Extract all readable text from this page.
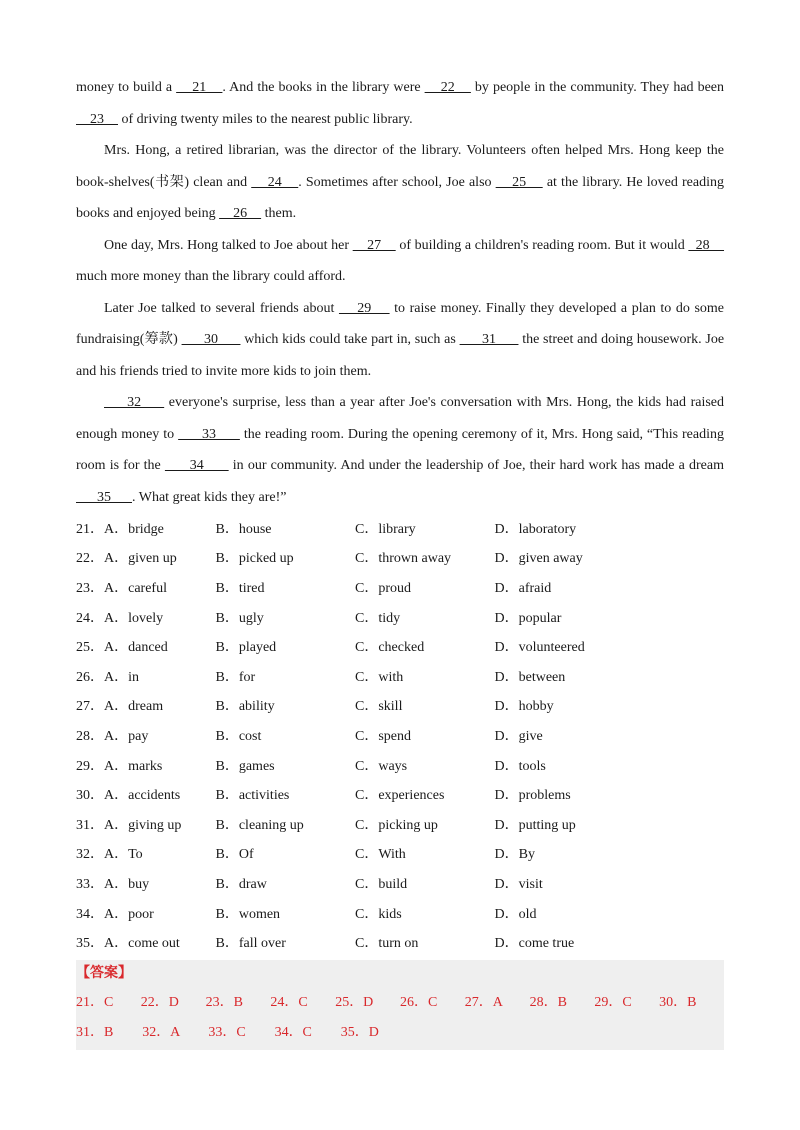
money to build a     21    . And the books in the library were     22     by people in the community. They had been     23     of driving twenty miles to the nearest public library.

Mrs. Hong, a retired librarian, was the director of the library. Volunteers often helped Mrs. Hong keep the book-shelves(书架) clean and     24    . Sometimes after school, Joe also     25     at the library. He loved reading books and enjoyed being     26     them.

One day, Mrs. Hong talked to Joe about her     27     of building a children's reading room. But it would   28     much more money than the library could afford.

Later Joe talked to several friends about     29     to raise money. Finally they developed a plan to do some fundraising(筹款)       30       which kids could take part in, such as       31       the street and doing housework. Joe and his friends tried to invite more kids to join them.

32      everyone's surprise, less than a year after Joe's conversation with Mrs. Hong, the kids had raised enough money to       33       the reading room. During the opening ceremony of it, Mrs. Hong said, “This reading room is for the       34       in our community. And under the leadership of Joe, their hard work has made a dream       35      . What great kids they are!”

21．A．bridge	B．house	C．library	D．laboratory
22．A．given up	B．picked up	C．thrown away	D．given away
23．A．careful	B．tired	C．proud	D．afraid
24．A．lovely	B．ugly	C．tidy	D．popular
25．A．danced	B．played	C．checked	D．volunteered
26．A．in	B．for	C．with	D．between
27．A．dream	B．ability	C．skill	D．hobby
28．A．pay	B．cost	C．spend	D．give
29．A．marks	B．games	C．ways	D．tools
30．A．accidents	B．activities	C．experiences	D．problems
31．A．giving up	B．cleaning up	C．picking up	D．putting up
32．A．To	B．Of	C．With	D．By
33．A．buy	B．draw	C．build	D．visit
34．A．poor	B．women	C．kids	D．old
35．A．come out	B．fall over	C．turn on	D．come true
【答案】
21．C	22．D	23．B	24．C	25．D	26．C	27．A	28．B	29．C	30．B
31．B	32．A	33．C	34．C	35．D
